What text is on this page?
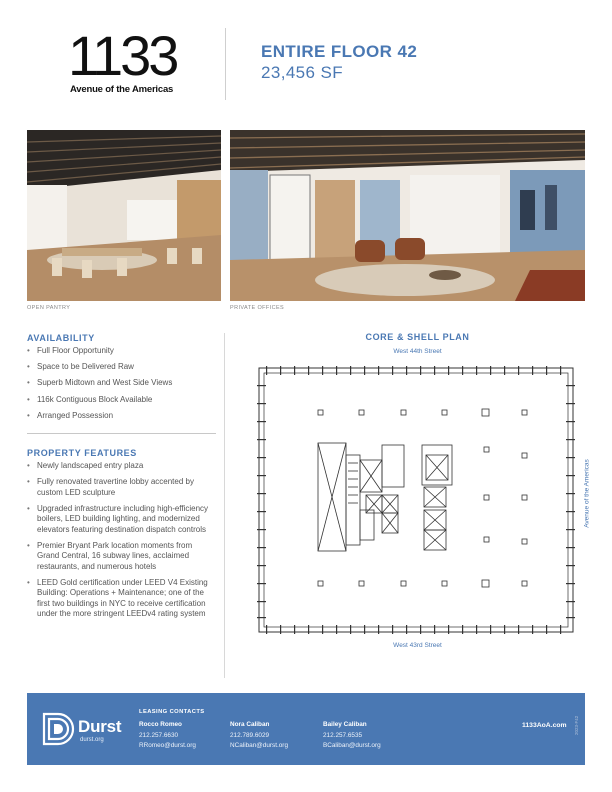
1133
Avenue of the Americas
ENTIRE FLOOR 42
23,456 SF
OPEN PANTRY	PRIVATE OFFICES
AVAILABILITY
• Full Floor Opportunity
• Space to be Delivered Raw
• Superb Midtown and West Side Views
• 116k Contiguous Block Available
• Arranged Possession
PROPERTY FEATURES
• Newly landscaped entry plaza
• Fully renovated travertine lobby accented by custom LED sculpture
• Upgraded infrastructure including high-efficiency boilers, LED building lighting, and modernized elevators featuring destination dispatch controls
• Premier Bryant Park location moments from Grand Central, 16 subway lines, acclaimed restaurants, and numerous hotels
• LEED Gold certification under LEED V4 Existing Building: Operations + Maintenance; one of the first two buildings in NYC to receive certification under the more stringent LEEDv4 rating system
CORE & SHELL PLAN
West 44th Street
West 43rd Street
Avenue of the Americas
Durst
durst.org
LEASING CONTACTS
Rocco Romeo
212.257.6630
RRomeo@durst.org
Nora Caliban
212.789.6029
NCaliban@durst.org
Bailey Caliban
212.257.6535
BCaliban@durst.org
1133AoA.com 2023-F42
